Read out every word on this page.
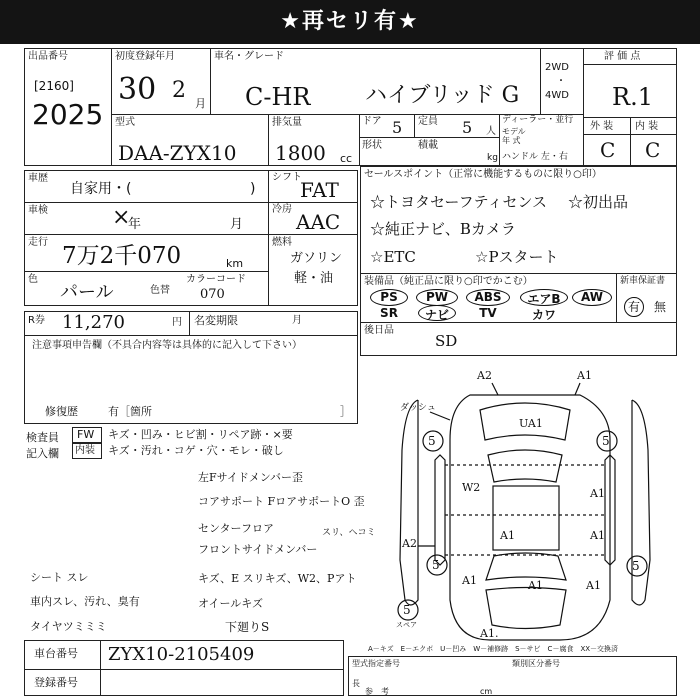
★再セリ有★
出品番号
[2160]
2025
初度登録年月
30 2
月
車名・グレード
C-HR ハイブリッド G
2WD
・
4WD
評 価 点
R.1
外 装 内 装
C C
型式
DAA-ZYX10
排気量
1800 cc
ドア 5 定員 5 人
ディーラー・並行
モデル
年 式
ハンドル 左・右
形状	積載
kg
車歴
自家用・(	)
シフト
FAT
車検	×
年	月
冷房
AAC
走行
7万2千070	km
燃料
ガソリン
軽・油
色
パール	色替
カラーコード
070
R券 11,270	円 名変期限	月
セールスポイント（正常に機能するものに限り○印）
☆トヨタセーフティセンス ☆初出品
☆純正ナビ、Bカメラ
☆ETC	☆Pスタート
装備品（純正品に限り○印でかこむ）
PS	PW	ABS	エアB	AW
SR	ナビ	TV	カワ
新車保証書
有 無
後日品
SD
注意事項申告欄（不具合内容等は具体的に記入して下さい）
修復歴	有［箇所	］
検査員
記入欄
FW キズ・凹み・ヒビ割・リペア跡・×要
内装 キズ・汚れ・コゲ・穴・モレ・破し
左Fサイドメンバー歪
コアサポート FロアサポートO 歪
センターフロア	スリ、ヘコミ
フロントサイドメンバー
キズ、E スリキズ、W2、Pアト
オイールキズ
下廻りS
シート スレ
車内スレ、汚れ、臭有
タイヤツミミミ
車台番号 ZYX10-2105409
登録番号
型式指定番号	類別区分番号
長
参　考	cm
A2	A1
UA1
W2	A1
A1
A1
A1
A2
A1	A1
A1.
5	5
5	5
5
ダッシュ
スペア
A－キズ　E－エクボ　U－凹み　W－補修跡　S－サビ　C－腐食　XX－交換済
